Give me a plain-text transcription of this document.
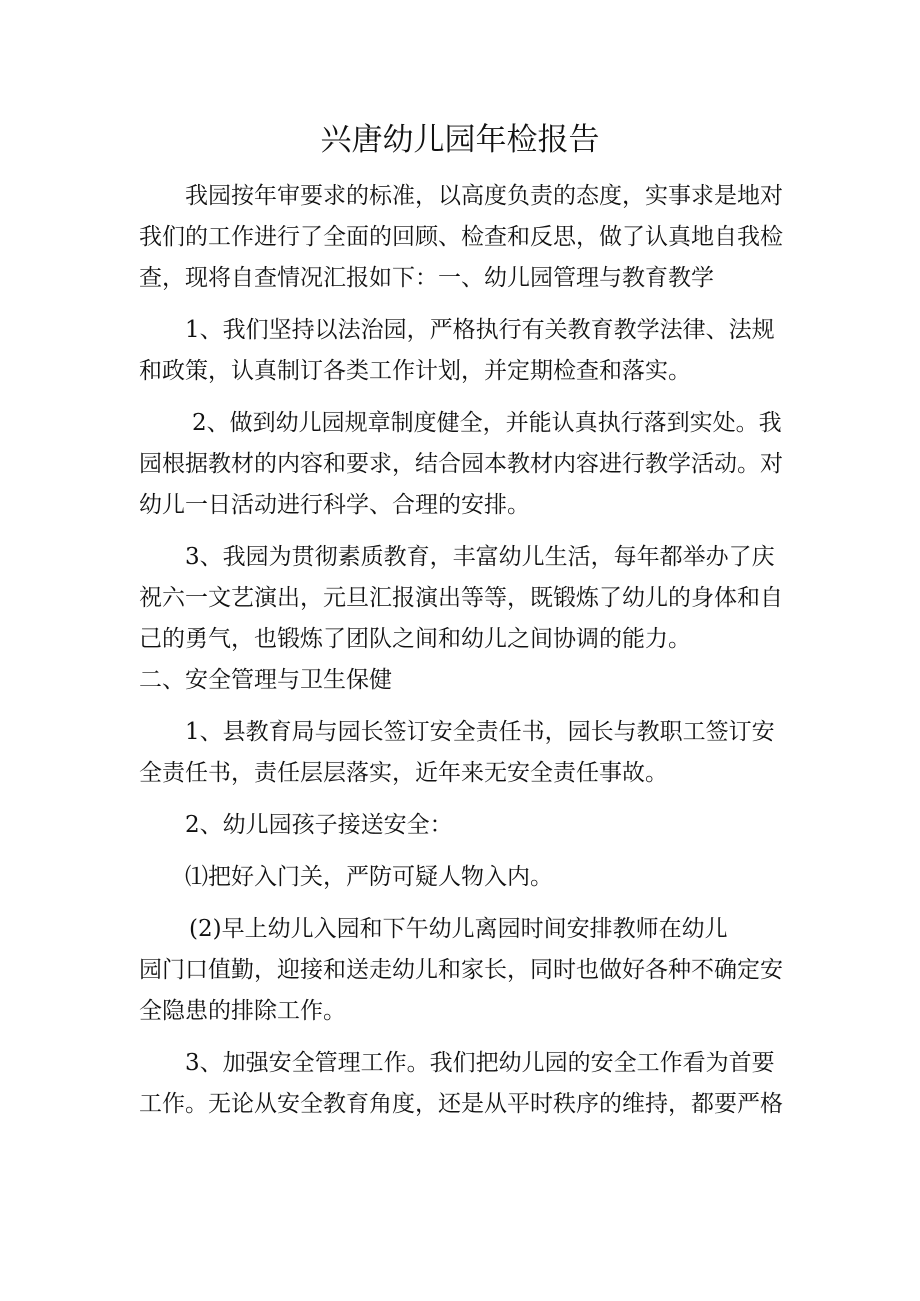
兴唐幼儿园年检报告

我园按年审要求的标准，以高度负责的态度，实事求是地对
我们的工作进行了全面的回顾、检查和反思，做了认真地自我检
查，现将自查情况汇报如下：一、幼儿园管理与教育教学

1、我们坚持以法治园，严格执行有关教育教学法律、法规
和政策，认真制订各类工作计划，并定期检查和落实。

2、做到幼儿园规章制度健全，并能认真执行落到实处。我
园根据教材的内容和要求，结合园本教材内容进行教学活动。对
幼儿一日活动进行科学、合理的安排。

3、我园为贯彻素质教育，丰富幼儿生活，每年都举办了庆
祝六一文艺演出，元旦汇报演出等等，既锻炼了幼儿的身体和自
己的勇气，也锻炼了团队之间和幼儿之间协调的能力。

二、安全管理与卫生保健

1、县教育局与园长签订安全责任书，园长与教职工签订安
全责任书，责任层层落实，近年来无安全责任事故。

2、幼儿园孩子接送安全：

⑴把好入门关，严防可疑人物入内。

(2)早上幼儿入园和下午幼儿离园时间安排教师在幼儿
园门口值勤，迎接和送走幼儿和家长，同时也做好各种不确定安
全隐患的排除工作。

3、加强安全管理工作。我们把幼儿园的安全工作看为首要
工作。无论从安全教育角度，还是从平时秩序的维持，都要严格
